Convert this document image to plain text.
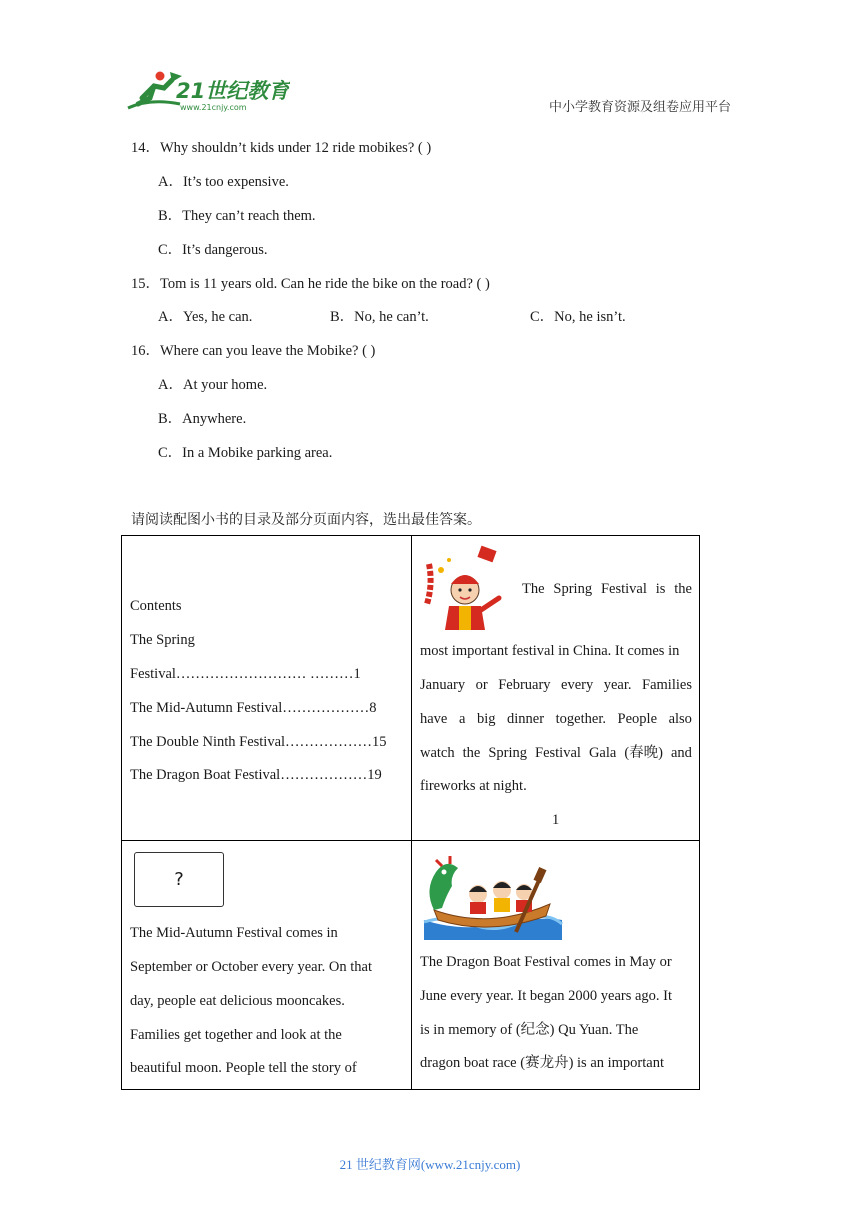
21世纪教育
www.21cnjy.com	中小学教育资源及组卷应用平台
14．Why shouldn’t kids under 12 ride mobikes? ( )
A．It’s too expensive.
B．They can’t reach them.
C．It’s dangerous.
15．Tom is 11 years old. Can he ride the bike on the road? ( )
A．Yes, he can.	B．No, he can’t.	C．No, he isn’t.
16．Where can you leave the Mobike? ( )
A．At your home.
B．Anywhere.
C．In a Mobike parking area.
请阅读配图小书的目录及部分页面内容，选出最佳答案。
Contents
The Spring
Festival……………………… ………1
The Mid-Autumn Festival………………8
The Double Ninth Festival………………15
The Dragon Boat Festival………………19
The Spring Festival is the
most important festival in China. It comes in
January or February every year. Families
have a big dinner together. People also
watch the Spring Festival Gala (春晚) and
fireworks at night.
1
?
The Mid-Autumn Festival comes in
September or October every year. On that
day, people eat delicious mooncakes.
Families get together and look at the
beautiful moon. People tell the story of
The Dragon Boat Festival comes in May or
June every year. It began 2000 years ago. It
is in memory of (纪念) Qu Yuan. The
dragon boat race (赛龙舟) is an important
21 世纪教育网(www.21cnjy.com)
